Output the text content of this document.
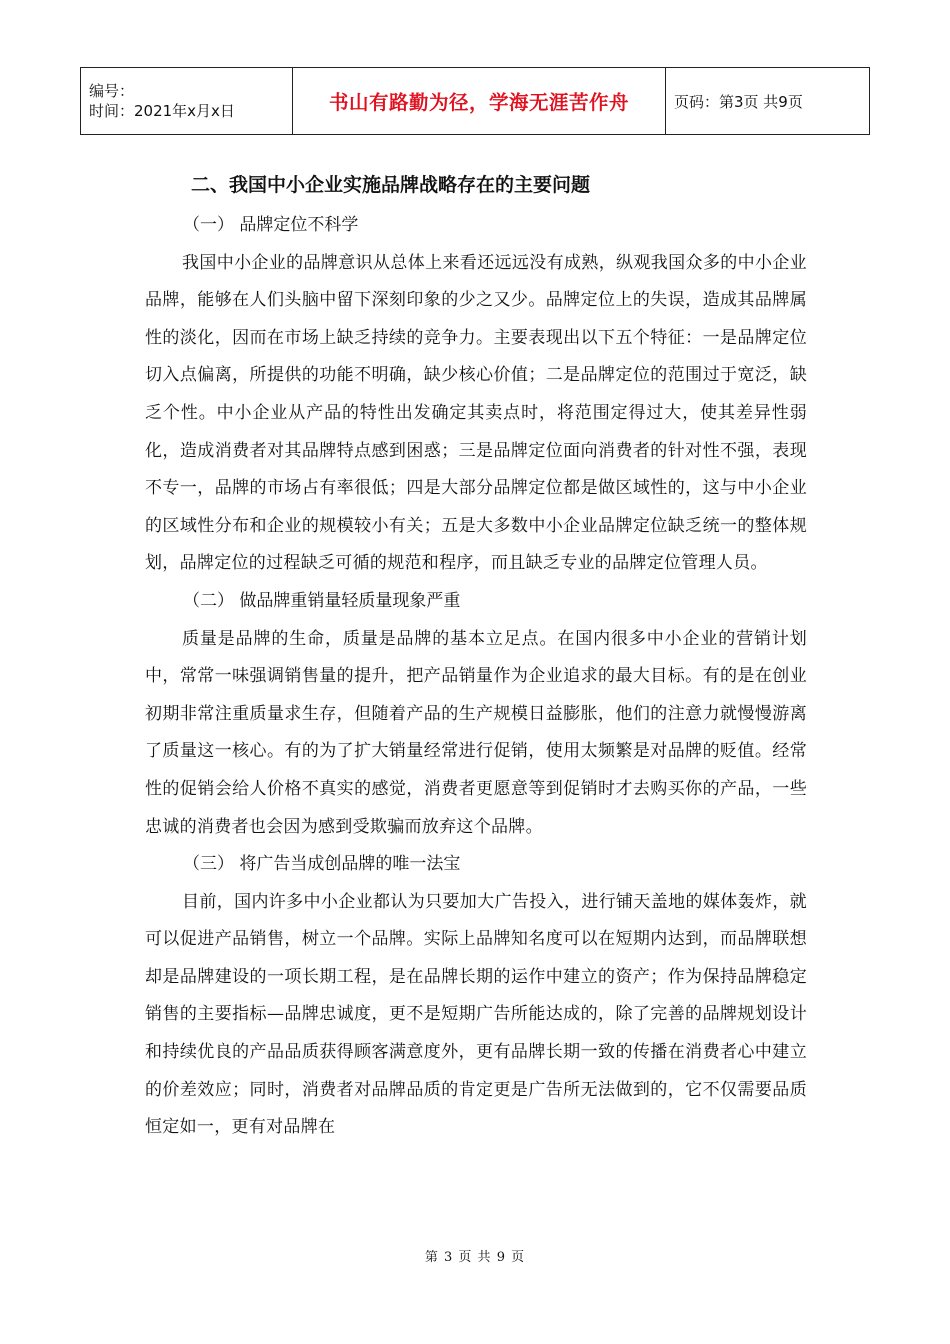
编号：
时间：2021年x月x日	书山有路勤为径，学海无涯苦作舟	页码：第3页 共9页
二、我国中小企业实施品牌战略存在的主要问题
（一） 品牌定位不科学

我国中小企业的品牌意识从总体上来看还远远没有成熟，纵观我国众多的中小企业品牌，能够在人们头脑中留下深刻印象的少之又少。品牌定位上的失误，造成其品牌属性的淡化，因而在市场上缺乏持续的竞争力。主要表现出以下五个特征：一是品牌定位切入点偏离，所提供的功能不明确，缺少核心价值；二是品牌定位的范围过于宽泛，缺乏个性。中小企业从产品的特性出发确定其卖点时，将范围定得过大，使其差异性弱化，造成消费者对其品牌特点感到困惑；三是品牌定位面向消费者的针对性不强，表现不专一，品牌的市场占有率很低；四是大部分品牌定位都是做区域性的，这与中小企业的区域性分布和企业的规模较小有关；五是大多数中小企业品牌定位缺乏统一的整体规划，品牌定位的过程缺乏可循的规范和程序，而且缺乏专业的品牌定位管理人员。

（二） 做品牌重销量轻质量现象严重

质量是品牌的生命，质量是品牌的基本立足点。在国内很多中小企业的营销计划中，常常一味强调销售量的提升，把产品销量作为企业追求的最大目标。有的是在创业初期非常注重质量求生存，但随着产品的生产规模日益膨胀，他们的注意力就慢慢游离了质量这一核心。有的为了扩大销量经常进行促销，使用太频繁是对品牌的贬值。经常性的促销会给人价格不真实的感觉，消费者更愿意等到促销时才去购买你的产品，一些忠诚的消费者也会因为感到受欺骗而放弃这个品牌。

（三） 将广告当成创品牌的唯一法宝

目前，国内许多中小企业都认为只要加大广告投入，进行铺天盖地的媒体轰炸，就可以促进产品销售，树立一个品牌。实际上品牌知名度可以在短期内达到，而品牌联想却是品牌建设的一项长期工程，是在品牌长期的运作中建立的资产；作为保持品牌稳定销售的主要指标—品牌忠诚度，更不是短期广告所能达成的，除了完善的品牌规划设计和持续优良的产品品质获得顾客满意度外，更有品牌长期一致的传播在消费者心中建立的价差效应；同时，消费者对品牌品质的肯定更是广告所无法做到的，它不仅需要品质恒定如一，更有对品牌在

第 3 页 共 9 页
